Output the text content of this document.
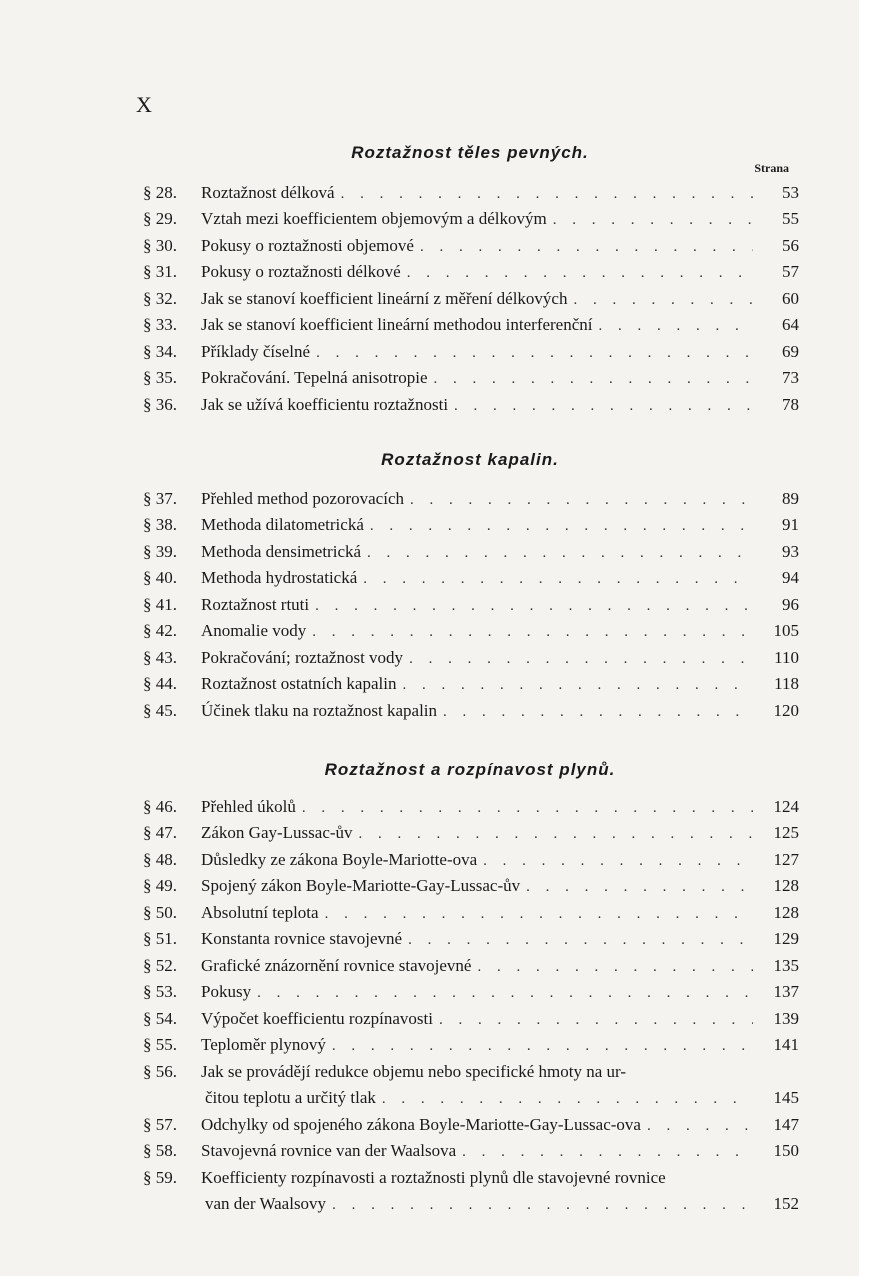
X
Roztažnost těles pevných.
Strana
§ 28.	Roztažnost délková . . .	53
§ 29.	Vztah mezi koefficientem objemovým a délkovým . . .	55
§ 30.	Pokusy o roztažnosti objemové . . .	56
§ 31.	Pokusy o roztažnosti délkové . . .	57
§ 32.	Jak se stanoví koefficient lineární z měření délkových . . .	60
§ 33.	Jak se stanoví koefficient lineární methodou interferenční . . .	64
§ 34.	Příklady číselné . . .	69
§ 35.	Pokračování. Tepelná anisotropie . . .	73
§ 36.	Jak se užívá koefficientu roztažnosti . . .	78
Roztažnost kapalin.
§ 37.	Přehled method pozorovacích . . .	89
§ 38.	Methoda dilatometrická . . .	91
§ 39.	Methoda densimetrická . . .	93
§ 40.	Methoda hydrostatická . . .	94
§ 41.	Roztažnost rtuti . . .	96
§ 42.	Anomalie vody . . .	105
§ 43.	Pokračování; roztažnost vody . . .	110
§ 44.	Roztažnost ostatních kapalin . . .	118
§ 45.	Účinek tlaku na roztažnost kapalin . . .	120
Roztažnost a rozpínavost plynů.
§ 46.	Přehled úkolů . . .	124
§ 47.	Zákon Gay-Lussac-ův . . .	125
§ 48.	Důsledky ze zákona Boyle-Mariotte-ova . . .	127
§ 49.	Spojený zákon Boyle-Mariotte-Gay-Lussac-ův . . .	128
§ 50.	Absolutní teplota . . .	128
§ 51.	Konstanta rovnice stavojevné . . .	129
§ 52.	Grafické znázornění rovnice stavojevné . . .	135
§ 53.	Pokusy . . .	137
§ 54.	Výpočet koefficientu rozpínavosti . . .	139
§ 55.	Teploměr plynový . . .	141
§ 56.	Jak se provádějí redukce objemu nebo specifické hmoty na ur-
čitou teplotu a určitý tlak . . .	145
§ 57.	Odchylky od spojeného zákona Boyle-Mariotte-Gay-Lussac-ova . . .	147
§ 58.	Stavojevná rovnice van der Waalsova . . .	150
§ 59.	Koefficienty rozpínavosti a roztažnosti plynů dle stavojevné rovnice
van der Waalsovy . . .	152
